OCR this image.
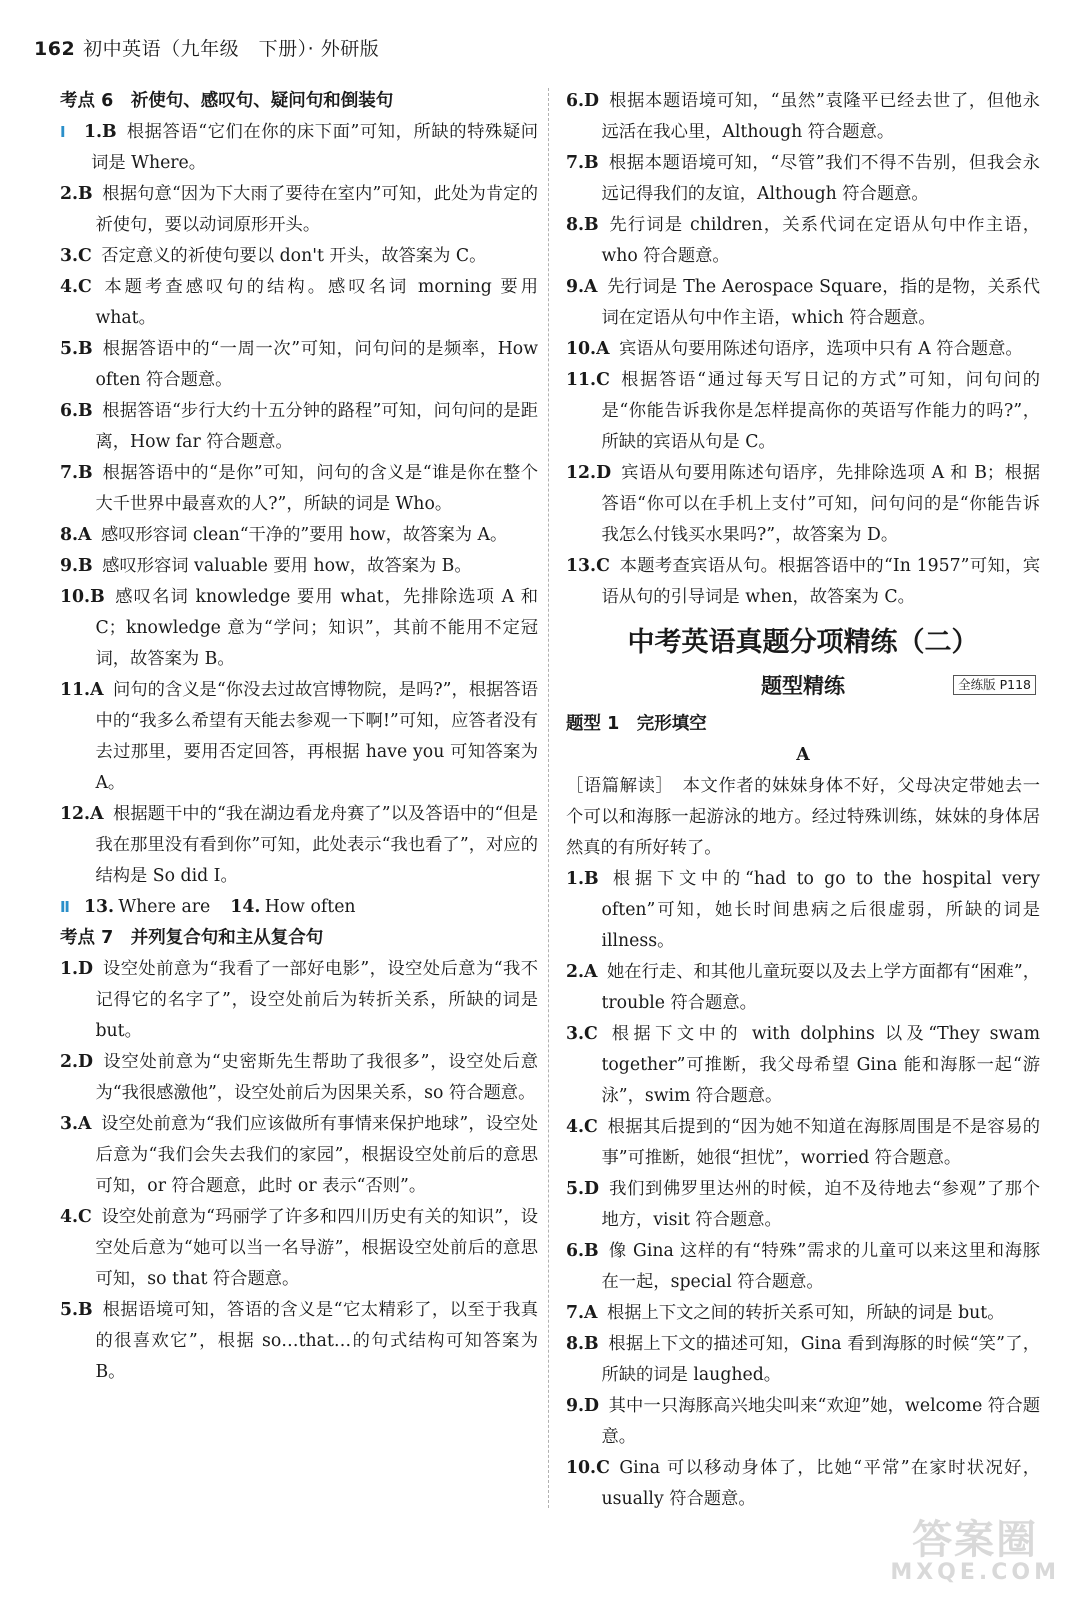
162 初中英语（九年级　下册）· 外研版
考点 6　祈使句、感叹句、疑问句和倒装句
Ⅰ 1.B 根据答语“它们在你的床下面”可知，所缺的特殊疑问词是 Where。
2.B 根据句意“因为下大雨了要待在室内”可知，此处为肯定的祈使句，要以动词原形开头。
3.C 否定意义的祈使句要以 don't 开头，故答案为 C。
4.C 本题考查感叹句的结构。感叹名词 morning 要用 what。
5.B 根据答语中的“一周一次”可知，问句问的是频率，How often 符合题意。
6.B 根据答语“步行大约十五分钟的路程”可知，问句问的是距离，How far 符合题意。
7.B 根据答语中的“是你”可知，问句的含义是“谁是你在整个大千世界中最喜欢的人?”，所缺的词是 Who。
8.A 感叹形容词 clean“干净的”要用 how，故答案为 A。
9.B 感叹形容词 valuable 要用 how，故答案为 B。
10.B 感叹名词 knowledge 要用 what，先排除选项 A 和 C；knowledge 意为“学问；知识”，其前不能用不定冠词，故答案为 B。
11.A 问句的含义是“你没去过故宫博物院，是吗?”，根据答语中的“我多么希望有天能去参观一下啊!”可知，应答者没有去过那里，要用否定回答，再根据 have you 可知答案为 A。
12.A 根据题干中的“我在湖边看龙舟赛了”以及答语中的“但是我在那里没有看到你”可知，此处表示“我也看了”，对应的结构是 So did I。
Ⅱ 13. Where are 14. How often
考点 7　并列复合句和主从复合句
1.D 设空处前意为“我看了一部好电影”，设空处后意为“我不记得它的名字了”，设空处前后为转折关系，所缺的词是 but。
2.D 设空处前意为“史密斯先生帮助了我很多”，设空处后意为“我很感激他”，设空处前后为因果关系，so 符合题意。
3.A 设空处前意为“我们应该做所有事情来保护地球”，设空处后意为“我们会失去我们的家园”，根据设空处前后的意思可知，or 符合题意，此时 or 表示“否则”。
4.C 设空处前意为“玛丽学了许多和四川历史有关的知识”，设空处后意为“她可以当一名导游”，根据设空处前后的意思可知，so that 符合题意。
5.B 根据语境可知，答语的含义是“它太精彩了，以至于我真的很喜欢它”，根据 so…that…的句式结构可知答案为 B。
6.D 根据本题语境可知，“虽然”袁隆平已经去世了，但他永远活在我心里，Although 符合题意。
7.B 根据本题语境可知，“尽管”我们不得不告别，但我会永远记得我们的友谊，Although 符合题意。
8.B 先行词是 children，关系代词在定语从句中作主语，who 符合题意。
9.A 先行词是 The Aerospace Square，指的是物，关系代词在定语从句中作主语，which 符合题意。
10.A 宾语从句要用陈述句语序，选项中只有 A 符合题意。
11.C 根据答语“通过每天写日记的方式”可知，问句问的是“你能告诉我你是怎样提高你的英语写作能力的吗?”，所缺的宾语从句是 C。
12.D 宾语从句要用陈述句语序，先排除选项 A 和 B；根据答语“你可以在手机上支付”可知，问句问的是“你能告诉我怎么付钱买水果吗?”，故答案为 D。
13.C 本题考查宾语从句。根据答语中的“In 1957”可知，宾语从句的引导词是 when，故答案为 C。
中考英语真题分项精练（二）
题型精练	全练版 P118
题型 1　完形填空
A
［语篇解读］　本文作者的妹妹身体不好，父母决定带她去一个可以和海豚一起游泳的地方。经过特殊训练，妹妹的身体居然真的有所好转了。
1.B 根据下文中的“had to go to the hospital very often”可知，她长时间患病之后很虚弱，所缺的词是 illness。
2.A 她在行走、和其他儿童玩耍以及去上学方面都有“困难”，trouble 符合题意。
3.C 根据下文中的 with dolphins 以及“They swam together”可推断，我父母希望 Gina 能和海豚一起“游泳”，swim 符合题意。
4.C 根据其后提到的“因为她不知道在海豚周围是不是容易的事”可推断，她很“担忧”，worried 符合题意。
5.D 我们到佛罗里达州的时候，迫不及待地去“参观”了那个地方，visit 符合题意。
6.B 像 Gina 这样的有“特殊”需求的儿童可以来这里和海豚在一起，special 符合题意。
7.A 根据上下文之间的转折关系可知，所缺的词是 but。
8.B 根据上下文的描述可知，Gina 看到海豚的时候“笑”了，所缺的词是 laughed。
9.D 其中一只海豚高兴地尖叫来“欢迎”她，welcome 符合题意。
10.C Gina 可以移动身体了，比她“平常”在家时状况好，usually 符合题意。
答案圈
MXQE.COM
